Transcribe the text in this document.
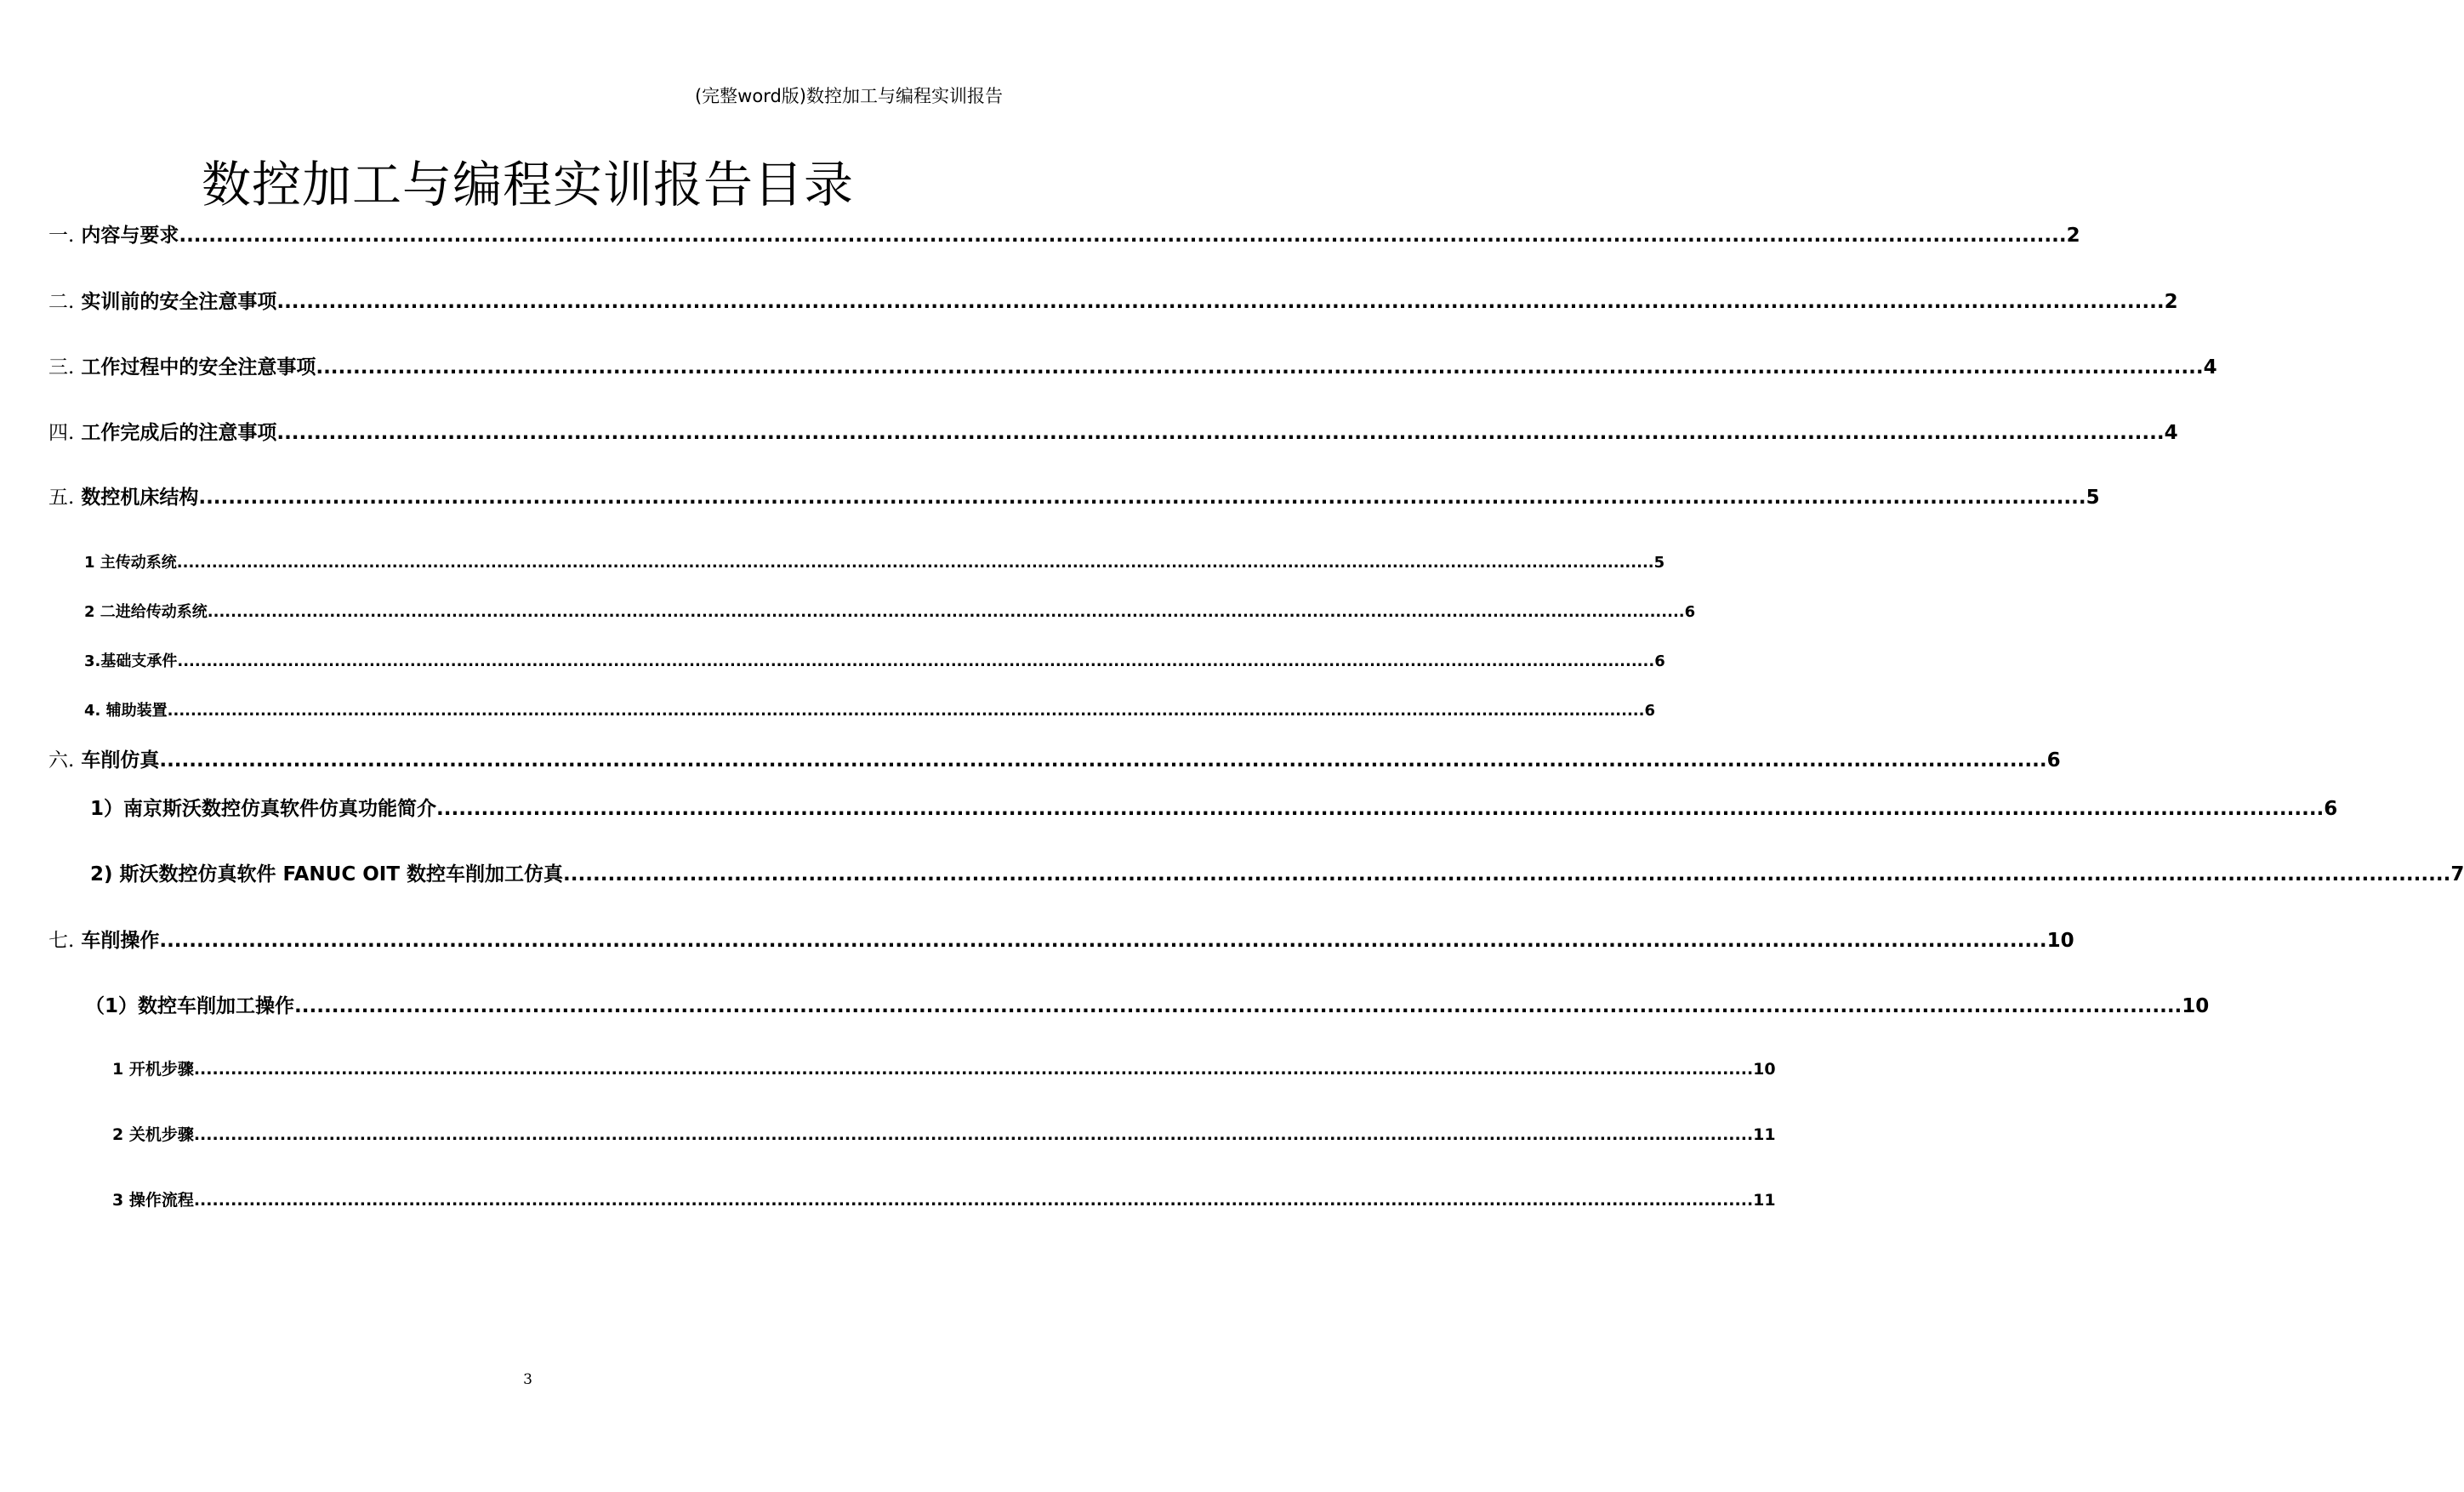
(完整word版)数控加工与编程实训报告
数控加工与编程实训报告目录
一.
内容与要求 .............................................................................................................................................................................................................................................................. 2
二.
实训前的安全注意事项 .............................................................................................................................................................................................................................................................. 2
三.
工作过程中的安全注意事项 .............................................................................................................................................................................................................................................................. 4
四.
工作完成后的注意事项 .............................................................................................................................................................................................................................................................. 4
五.
数控机床结构 .............................................................................................................................................................................................................................................................. 5
1 主传动系统 .............................................................................................................................................................................................................................................................. 5
2 二进给传动系统 .............................................................................................................................................................................................................................................................. 6
3.基础支承件 .............................................................................................................................................................................................................................................................. 6
4. 辅助装置 .............................................................................................................................................................................................................................................................. 6
六.
车削仿真 .............................................................................................................................................................................................................................................................. 6
1）南京斯沃数控仿真软件仿真功能简介 .............................................................................................................................................................................................................................................................. 6
2) 斯沃数控仿真软件 FANUC OIT 数控车削加工仿真 .............................................................................................................................................................................................................................................................. 7
七.
车削操作 .............................................................................................................................................................................................................................................................. 10
（1）数控车削加工操作 .............................................................................................................................................................................................................................................................. 10
1 开机步骤 .............................................................................................................................................................................................................................................................. 10
2 关机步骤 .............................................................................................................................................................................................................................................................. 11
3 操作流程 .............................................................................................................................................................................................................................................................. 11
3
